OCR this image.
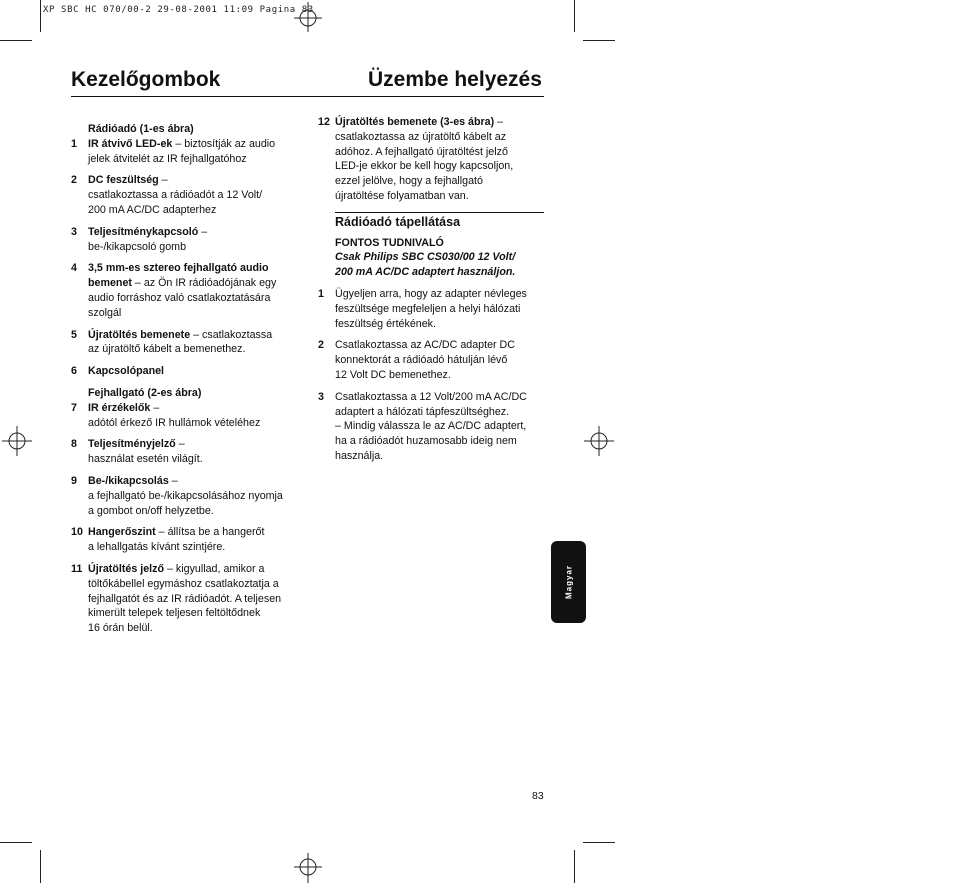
XP SBC HC 070/00-2 29-08-2001 11:09 Pagina 83
Kezelőgombok	Üzembe helyezés
Rádióadó (1-es ábra)
1 IR átvivő LED-ek – biztosítják az audio
jelek átvitelét az IR fejhallgatóhoz
2 DC feszültség –
csatlakoztassa a rádióadót a 12 Volt/
200 mA AC/DC adapterhez
3 Teljesítménykapcsoló –
be-/kikapcsoló gomb
4 3,5 mm-es sztereo fejhallgató audio
bemenet – az Ön IR rádióadójának egy
audio forráshoz való csatlakoztatására
szolgál
5 Újratöltés bemenete – csatlakoztassa
az újratöltő kábelt a bemenethez.
6 Kapcsolópanel
Fejhallgató (2-es ábra)
7 IR érzékelők –
adótól érkező IR hullámok vételéhez
8 Teljesítményjelző –
használat esetén világít.
9 Be-/kikapcsolás –
a fejhallgató be-/kikapcsolásához nyomja
a gombot on/off helyzetbe.
10 Hangerőszint – állítsa be a hangerőt
a lehallgatás kívánt szintjére.
11 Újratöltés jelző – kigyullad, amikor a
töltőkábellel egymáshoz csatlakoztatja a
fejhallgatót és az IR rádióadót. A teljesen
kimerült telepek teljesen feltöltődnek
16 órán belül.
12 Újratöltés bemenete (3-es ábra) –
csatlakoztassa az újratöltő kábelt az
adóhoz. A fejhallgató újratöltést jelző
LED-je ekkor be kell hogy kapcsoljon,
ezzel jelölve, hogy a fejhallgató
újratöltése folyamatban van.
Rádióadó tápellátása
FONTOS TUDNIVALÓ
Csak Philips SBC CS030/00 12 Volt/
200 mA AC/DC adaptert használjon.
1 Ügyeljen arra, hogy az adapter névleges
feszültsége megfeleljen a helyi hálózati
feszültség értékének.
2 Csatlakoztassa az AC/DC adapter DC
konnektorát a rádióadó hátulján lévő
12 Volt DC bemenethez.
3 Csatlakoztassa a 12 Volt/200 mA AC/DC
adaptert a hálózati tápfeszültséghez.
– Mindig válassza le az AC/DC adaptert,
ha a rádióadót huzamosabb ideig nem
használja.
Magyar
83
